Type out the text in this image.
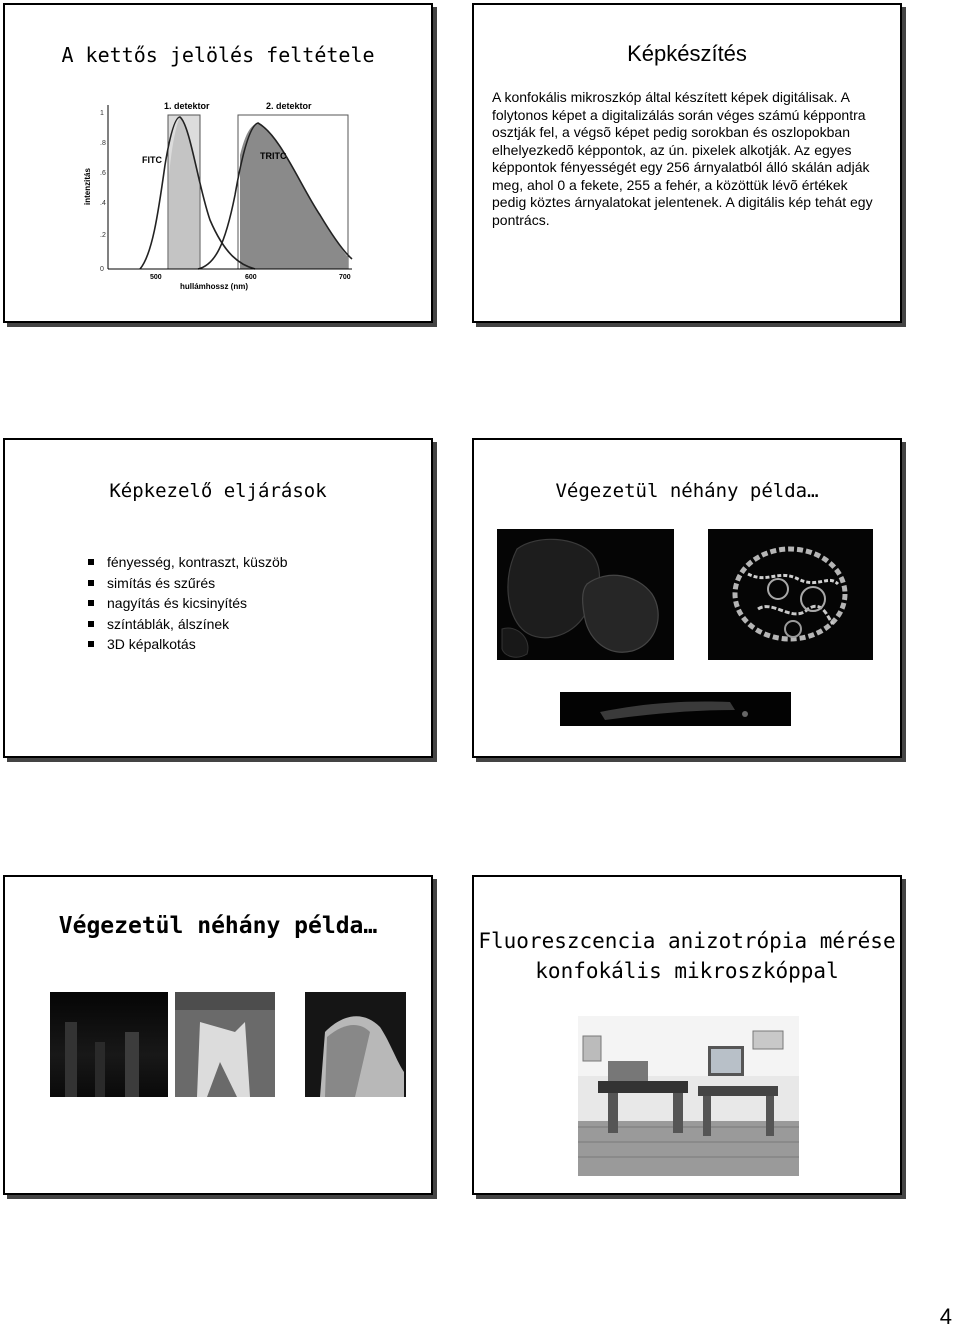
A kettős jelölés feltétele
0
.2
.4
.6
.8
1
1. detektor	2. detektor
FITC	TRITC
intenzitás
500	600	700
hullámhossz (nm)
Képkészítés
A konfokális mikroszkóp által készített képek digitálisak. A folytonos képet a digitalizálás során véges számú képpontra osztják fel, a végsõ képet pedig sorokban és oszlopokban elhelyezkedõ képpontok, az ún. pixelek alkotják. Az egyes képpontok fényességét egy 256 árnyalatból álló skálán adják meg, ahol 0 a fekete, 255 a fehér, a közöttük lévõ értékek pedig köztes árnyalatokat jelentenek. A digitális kép tehát egy pontrács.
Képkezelő eljárások
fényesség, kontraszt, küszöb
simítás és szűrés
nagyítás és kicsinyítés
színtáblák, álszínek
3D képalkotás
Végezetül néhány példa…
Végezetül néhány példa…
Fluoreszcencia anizotrópia mérése
konfokális mikroszkóppal
4
